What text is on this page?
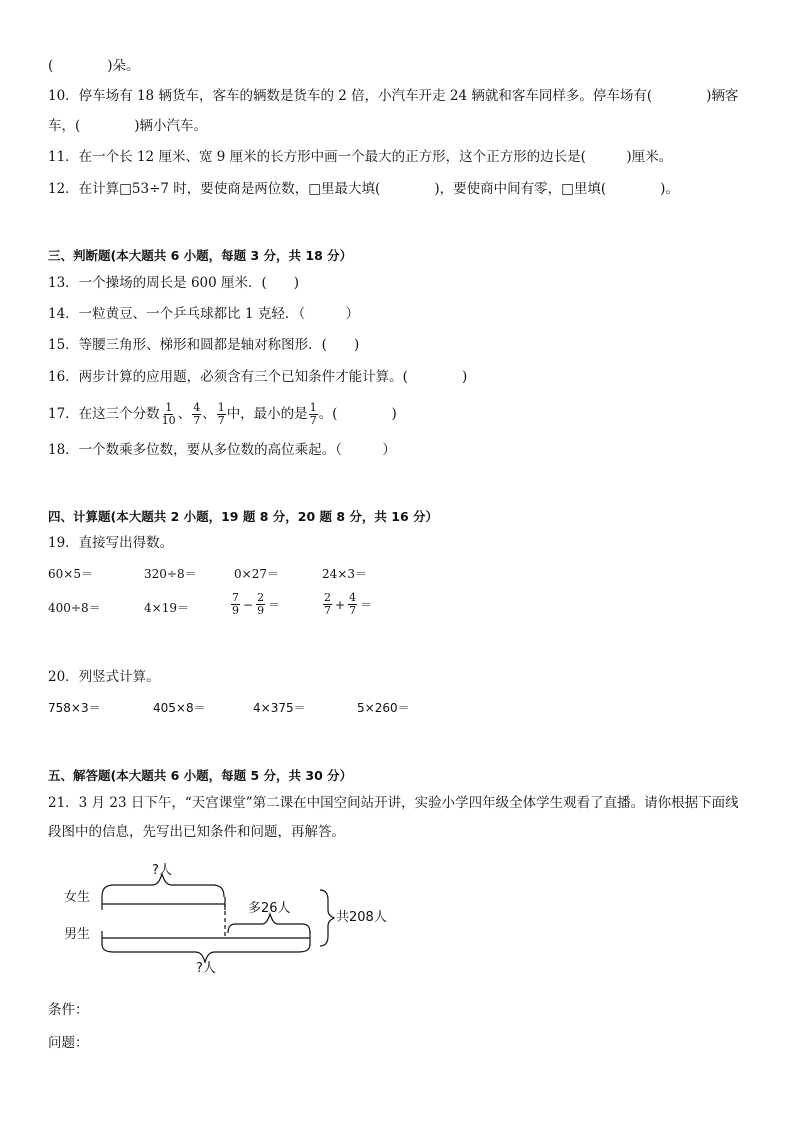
(　　　　)朵。
10．停车场有 18 辆货车，客车的辆数是货车的 2 倍，小汽车开走 24 辆就和客车同样多。停车场有(　　　　)辆客
车，(　　　　)辆小汽车。
11．在一个长 12 厘米、宽 9 厘米的长方形中画一个最大的正方形，这个正方形的边长是(　　　)厘米。
12．在计算□53÷7 时，要使商是两位数，□里最大填(　　　　)，要使商中间有零，□里填(　　　　)。
三、判断题(本大题共 6 小题，每题 3 分，共 18 分）
13．一个操场的周长是 600 厘米．(　　)
14．一粒黄豆、一个乒乓球都比 1 克轻．（　　　）
15．等腰三角形、梯形和圆都是轴对称图形．(　　)
16．两步计算的应用题，必须含有三个已知条件才能计算。(　　　　)
17．在这三个分数 $\frac{1}{10}$ 、 $\frac{4}{7}$ 、 $\frac{1}{7}$ 中，最小的是 $\frac{1}{7}$ 。(　　　　)
18．一个数乘多位数，要从多位数的高位乘起。（　　　）
四、计算题(本大题共 2 小题，19 题 8 分，20 题 8 分，共 16 分）
19．直接写出得数。
60×5＝	320÷8＝	0×27＝	24×3＝
400÷8＝	4×19＝	$\frac{7}{9} - \frac{2}{9}$ ＝	$\frac{2}{7} + \frac{4}{7}$ ＝
20．列竖式计算。
758×3＝	405×8＝	4×375＝	5×260＝
五、解答题(本大题共 6 小题，每题 5 分，共 30 分）
21．3 月 23 日下午，“天宫课堂”第二课在中国空间站开讲，实验小学四年级全体学生观看了直播。请你根据下面线
段图中的信息，先写出已知条件和问题，再解答。
?人
女生
多26人
共208人
男生
?人
条件：
问题：
